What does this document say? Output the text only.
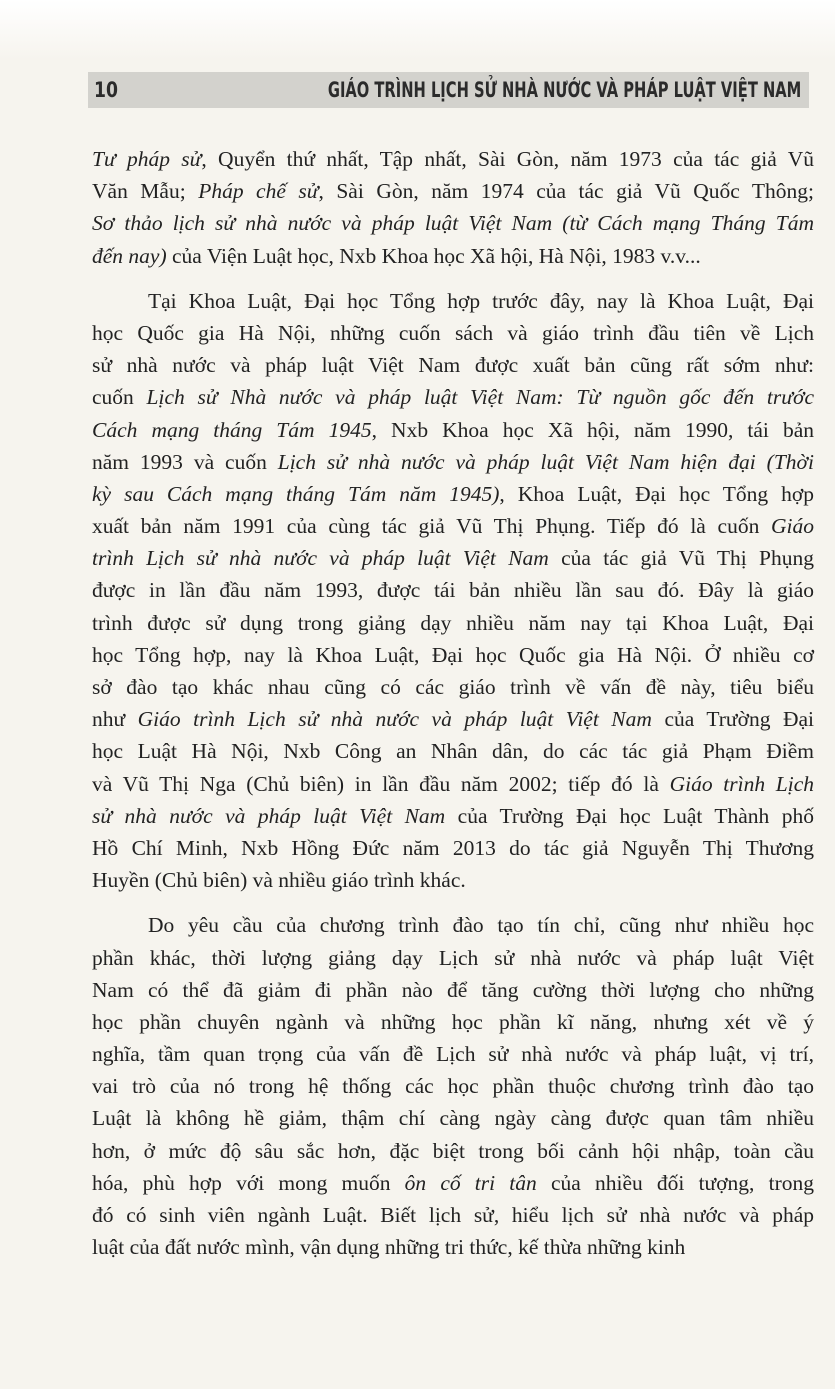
10	GIÁO TRÌNH LỊCH SỬ NHÀ NƯỚC VÀ PHÁP LUẬT VIỆT NAM
Tư pháp sử, Quyển thứ nhất, Tập nhất, Sài Gòn, năm 1973 của tác giả Vũ
Văn Mẫu; Pháp chế sử, Sài Gòn, năm 1974 của tác giả Vũ Quốc Thông;
Sơ thảo lịch sử nhà nước và pháp luật Việt Nam (từ Cách mạng Tháng Tám
đến nay) của Viện Luật học, Nxb Khoa học Xã hội, Hà Nội, 1983 v.v...
Tại Khoa Luật, Đại học Tổng hợp trước đây, nay là Khoa Luật, Đại
học Quốc gia Hà Nội, những cuốn sách và giáo trình đầu tiên về Lịch
sử nhà nước và pháp luật Việt Nam được xuất bản cũng rất sớm như:
cuốn Lịch sử Nhà nước và pháp luật Việt Nam: Từ nguồn gốc đến trước
Cách mạng tháng Tám 1945, Nxb Khoa học Xã hội, năm 1990, tái bản
năm 1993 và cuốn Lịch sử nhà nước và pháp luật Việt Nam hiện đại (Thời
kỳ sau Cách mạng tháng Tám năm 1945), Khoa Luật, Đại học Tổng hợp
xuất bản năm 1991 của cùng tác giả Vũ Thị Phụng. Tiếp đó là cuốn Giáo
trình Lịch sử nhà nước và pháp luật Việt Nam của tác giả Vũ Thị Phụng
được in lần đầu năm 1993, được tái bản nhiều lần sau đó. Đây là giáo
trình được sử dụng trong giảng dạy nhiều năm nay tại Khoa Luật, Đại
học Tổng hợp, nay là Khoa Luật, Đại học Quốc gia Hà Nội. Ở nhiều cơ
sở đào tạo khác nhau cũng có các giáo trình về vấn đề này, tiêu biểu
như Giáo trình Lịch sử nhà nước và pháp luật Việt Nam của Trường Đại
học Luật Hà Nội, Nxb Công an Nhân dân, do các tác giả Phạm Điềm
và Vũ Thị Nga (Chủ biên) in lần đầu năm 2002; tiếp đó là Giáo trình Lịch
sử nhà nước và pháp luật Việt Nam của Trường Đại học Luật Thành phố
Hồ Chí Minh, Nxb Hồng Đức năm 2013 do tác giả Nguyễn Thị Thương
Huyền (Chủ biên) và nhiều giáo trình khác.
Do yêu cầu của chương trình đào tạo tín chỉ, cũng như nhiều học
phần khác, thời lượng giảng dạy Lịch sử nhà nước và pháp luật Việt
Nam có thể đã giảm đi phần nào để tăng cường thời lượng cho những
học phần chuyên ngành và những học phần kĩ năng, nhưng xét về ý
nghĩa, tầm quan trọng của vấn đề Lịch sử nhà nước và pháp luật, vị trí,
vai trò của nó trong hệ thống các học phần thuộc chương trình đào tạo
Luật là không hề giảm, thậm chí càng ngày càng được quan tâm nhiều
hơn, ở mức độ sâu sắc hơn, đặc biệt trong bối cảnh hội nhập, toàn cầu
hóa, phù hợp với mong muốn ôn cố tri tân của nhiều đối tượng, trong
đó có sinh viên ngành Luật. Biết lịch sử, hiểu lịch sử nhà nước và pháp
luật của đất nước mình, vận dụng những tri thức, kế thừa những kinh
